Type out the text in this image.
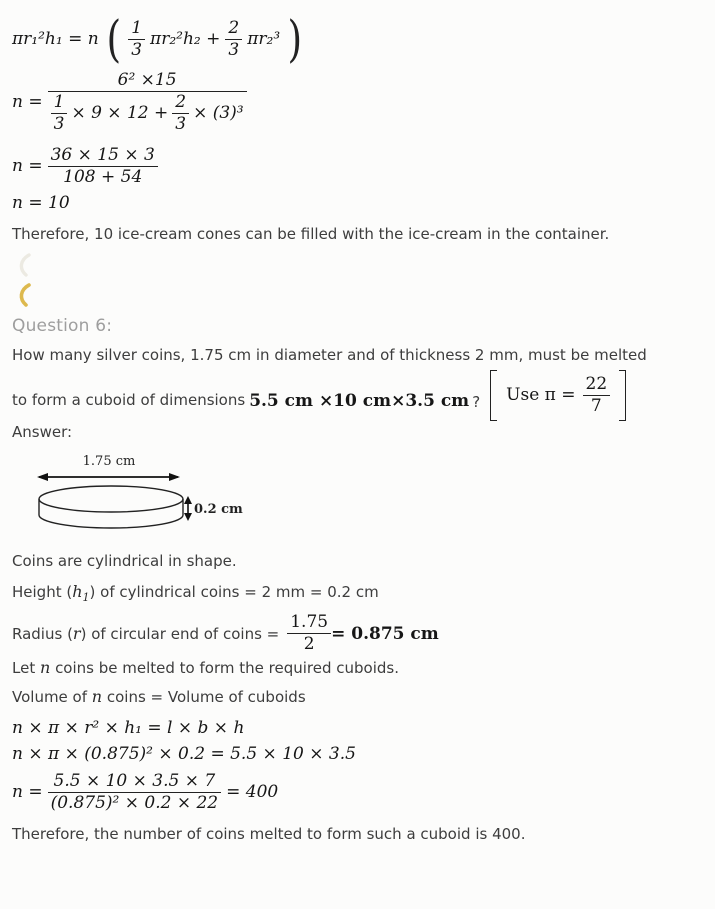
πr₁²h₁ = n ( $\frac{1}{3} \pi r_2^2h_2 + \frac{2}{3} \pi r_2^3$ )
n =
6² ×15
$\frac{1}{3} \times 9 \times 12 + \frac{2}{3} \times (3)^3$
$n = \frac{36 \times 15 \times 3}{108 + 54}$
n = 10

Therefore, 10 ice-cream cones can be filled with the ice-cream in the container.

Question 6:

How many silver coins, 1.75 cm in diameter and of thickness 2 mm, must be melted

to form a cuboid of dimensions 5.5 cm ×10 cm×3.5 cm ? Use $\pi = \frac{22}{7}$

Answer:

1.75 cm
0.2 cm

Coins are cylindrical in shape.

Height $(h_1)$ of cylindrical coins = 2 mm = 0.2 cm

Radius ( r ) of circular end of coins = $\frac{1.75}{2} = 0.875$ cm

Let n coins be melted to form the required cuboids.

Volume of n coins = Volume of cuboids

n × π × r² × h₁ = l × b × h
n × π × (0.875)² × 0.2 = 5.5 × 10 × 3.5
$n = \frac{5.5 \times 10 \times 3.5 \times 7}{\text{(0.875)² × 0.2 × 22}} = 400$

Therefore, the number of coins melted to form such a cuboid is 400.
